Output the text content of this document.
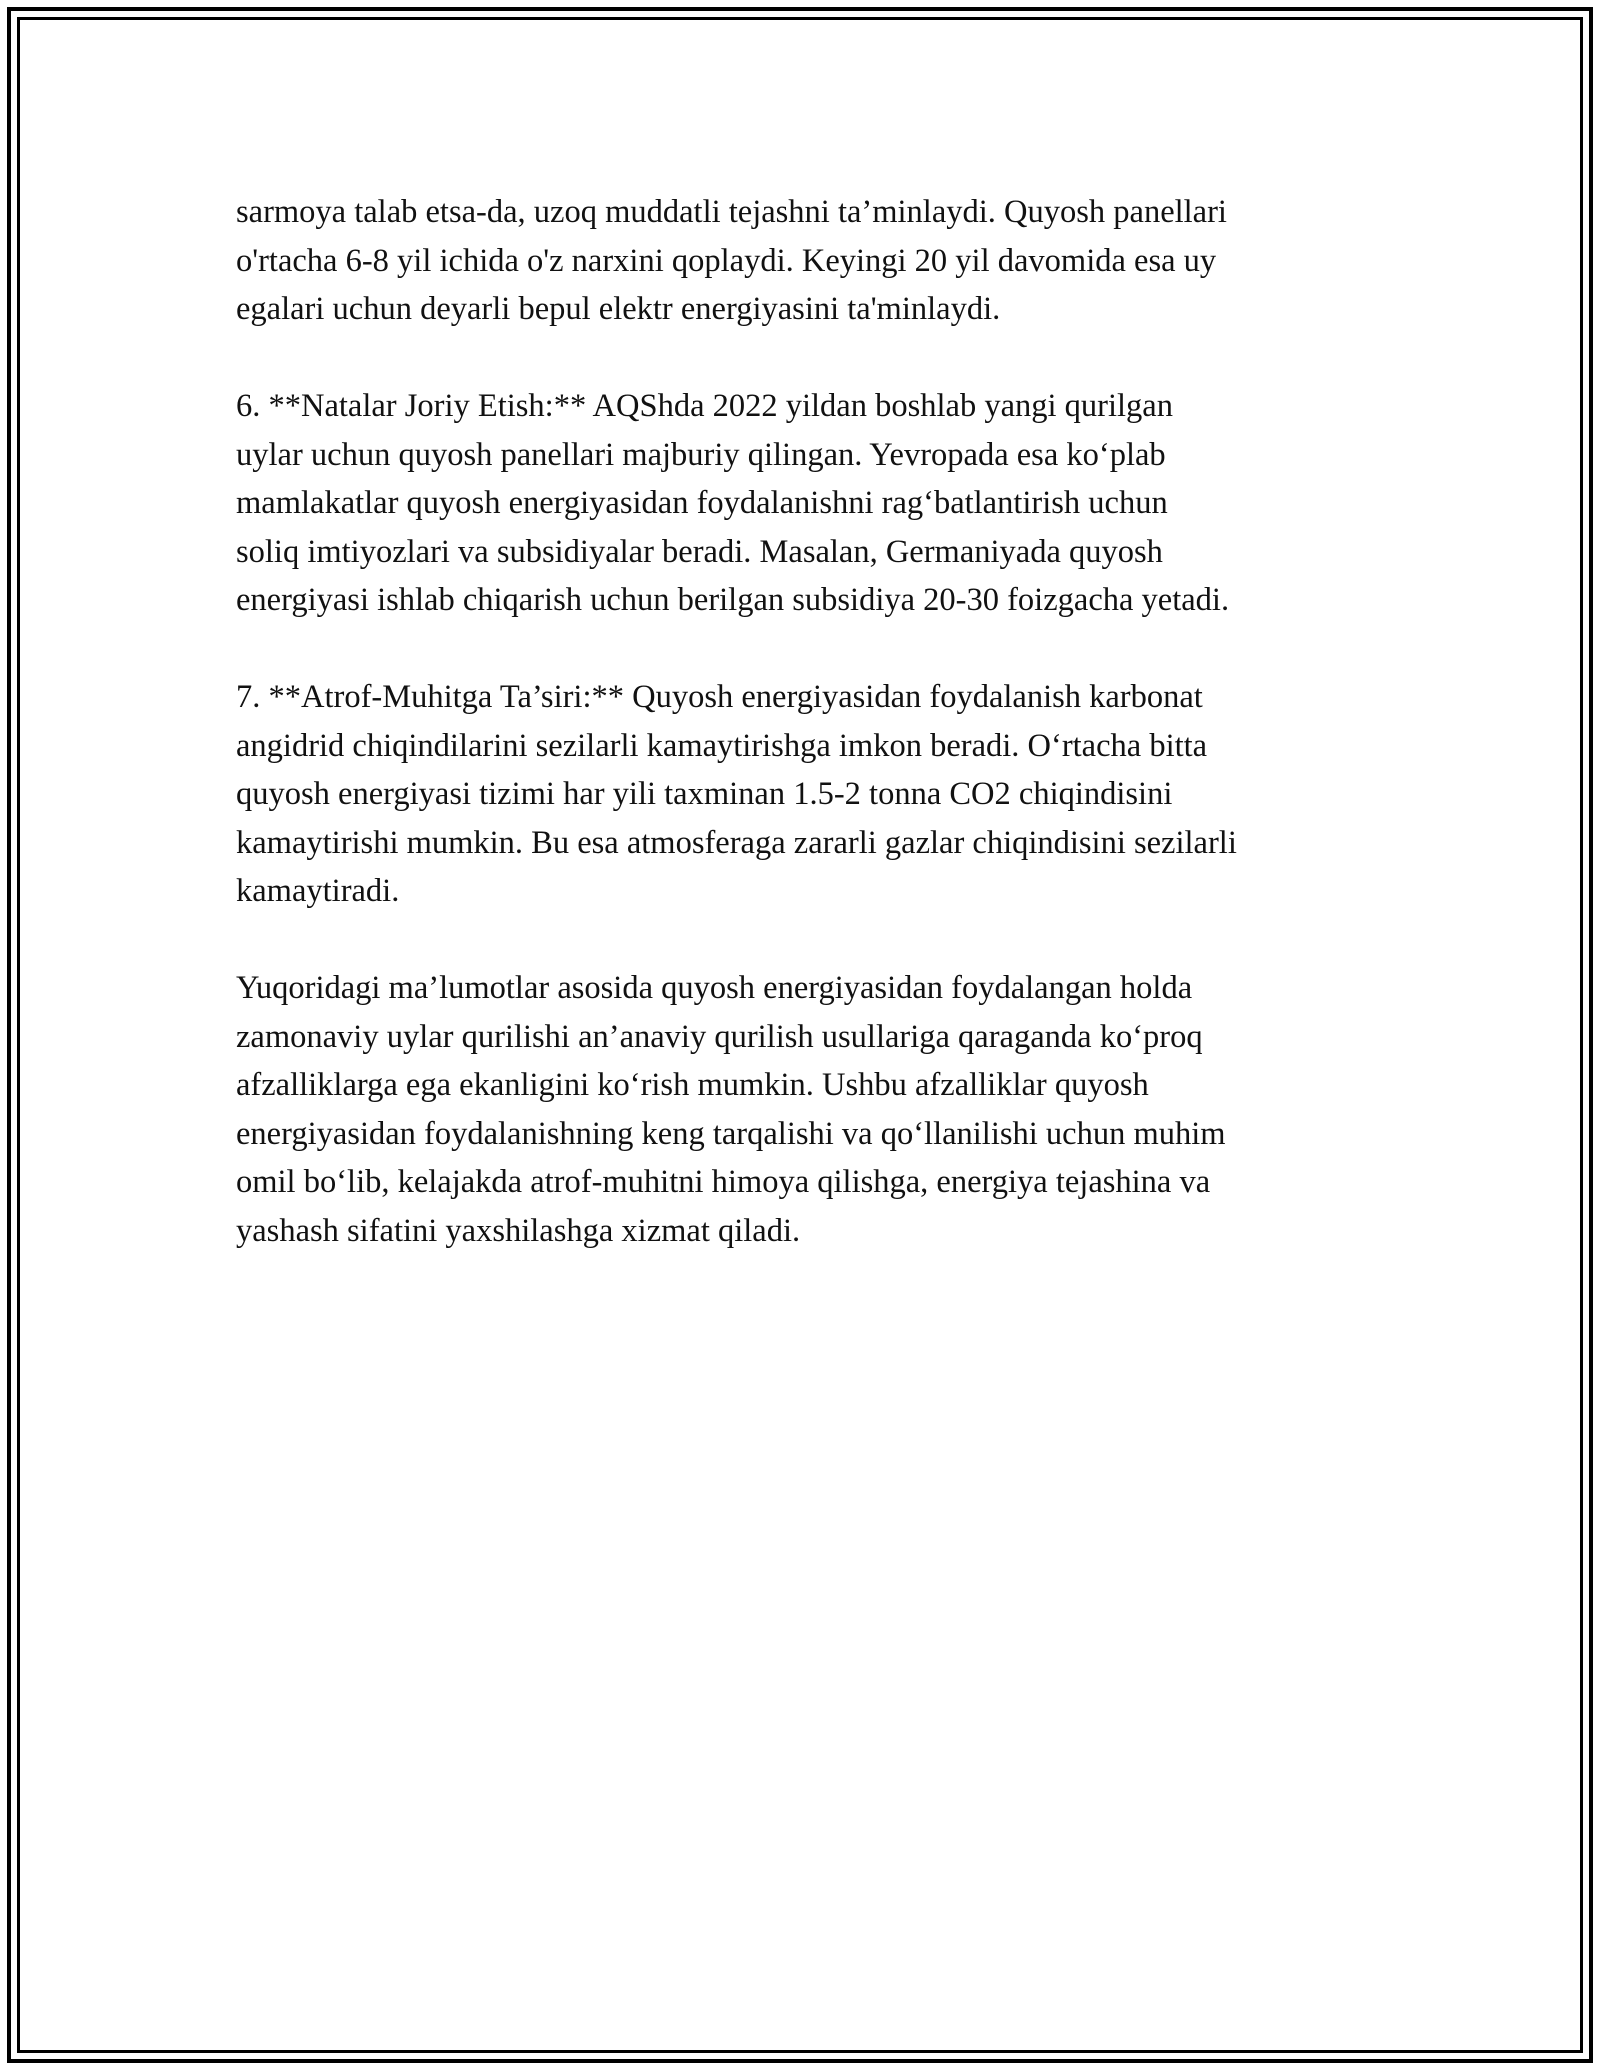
sarmoya talab etsa-da, uzoq muddatli tejashni ta’minlaydi. Quyosh panellari
o'rtacha 6-8 yil ichida o'z narxini qoplaydi. Keyingi 20 yil davomida esa uy
egalari uchun deyarli bepul elektr energiyasini ta'minlaydi.

6. **Natalar Joriy Etish:** AQShda 2022 yildan boshlab yangi qurilgan
uylar uchun quyosh panellari majburiy qilingan. Yevropada esa ko‘plab
mamlakatlar quyosh energiyasidan foydalanishni rag‘batlantirish uchun
soliq imtiyozlari va subsidiyalar beradi. Masalan, Germaniyada quyosh
energiyasi ishlab chiqarish uchun berilgan subsidiya 20-30 foizgacha yetadi.

7. **Atrof-Muhitga Ta’siri:** Quyosh energiyasidan foydalanish karbonat
angidrid chiqindilarini sezilarli kamaytirishga imkon beradi. O‘rtacha bitta
quyosh energiyasi tizimi har yili taxminan 1.5-2 tonna CO2 chiqindisini
kamaytirishi mumkin. Bu esa atmosferaga zararli gazlar chiqindisini sezilarli
kamaytiradi.

Yuqoridagi ma’lumotlar asosida quyosh energiyasidan foydalangan holda
zamonaviy uylar qurilishi an’anaviy qurilish usullariga qaraganda ko‘proq
afzalliklarga ega ekanligini ko‘rish mumkin. Ushbu afzalliklar quyosh
energiyasidan foydalanishning keng tarqalishi va qo‘llanilishi uchun muhim
omil bo‘lib, kelajakda atrof-muhitni himoya qilishga, energiya tejashina va
yashash sifatini yaxshilashga xizmat qiladi.
